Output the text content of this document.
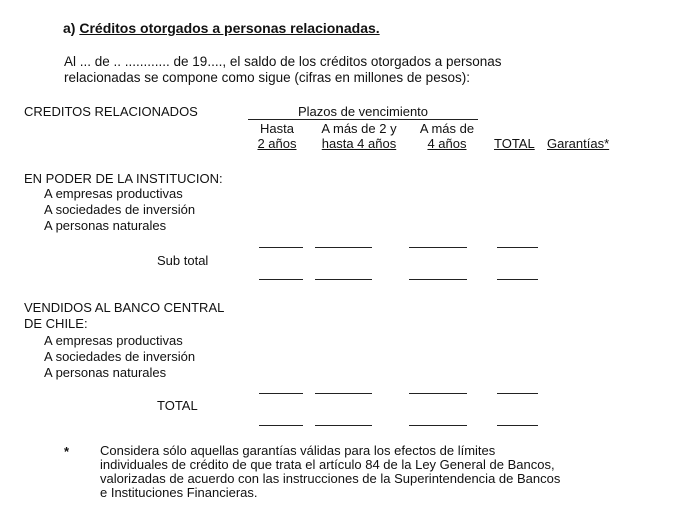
a) Créditos otorgados a personas relacionadas.
Al ... de .. ............ de 19...., el saldo de los créditos otorgados a personas
relacionadas se compone como sigue (cifras en millones de pesos):
CREDITOS RELACIONADOS	Plazos de vencimiento
Hasta
2 años
A más de 2 y
hasta 4 años
A más de
4 años	TOTAL Garantías*
EN PODER DE LA INSTITUCION:
A empresas productivas
A sociedades de inversión
A personas naturales
Sub total
VENDIDOS AL BANCO CENTRAL
DE CHILE:
A empresas productivas
A sociedades de inversión
A personas naturales
TOTAL
* Considera sólo aquellas garantías válidas para los efectos de límites
individuales de crédito de que trata el artículo 84 de la Ley General de Bancos,
valorizadas de acuerdo con las instrucciones de la Superintendencia de Bancos
e Instituciones Financieras.
